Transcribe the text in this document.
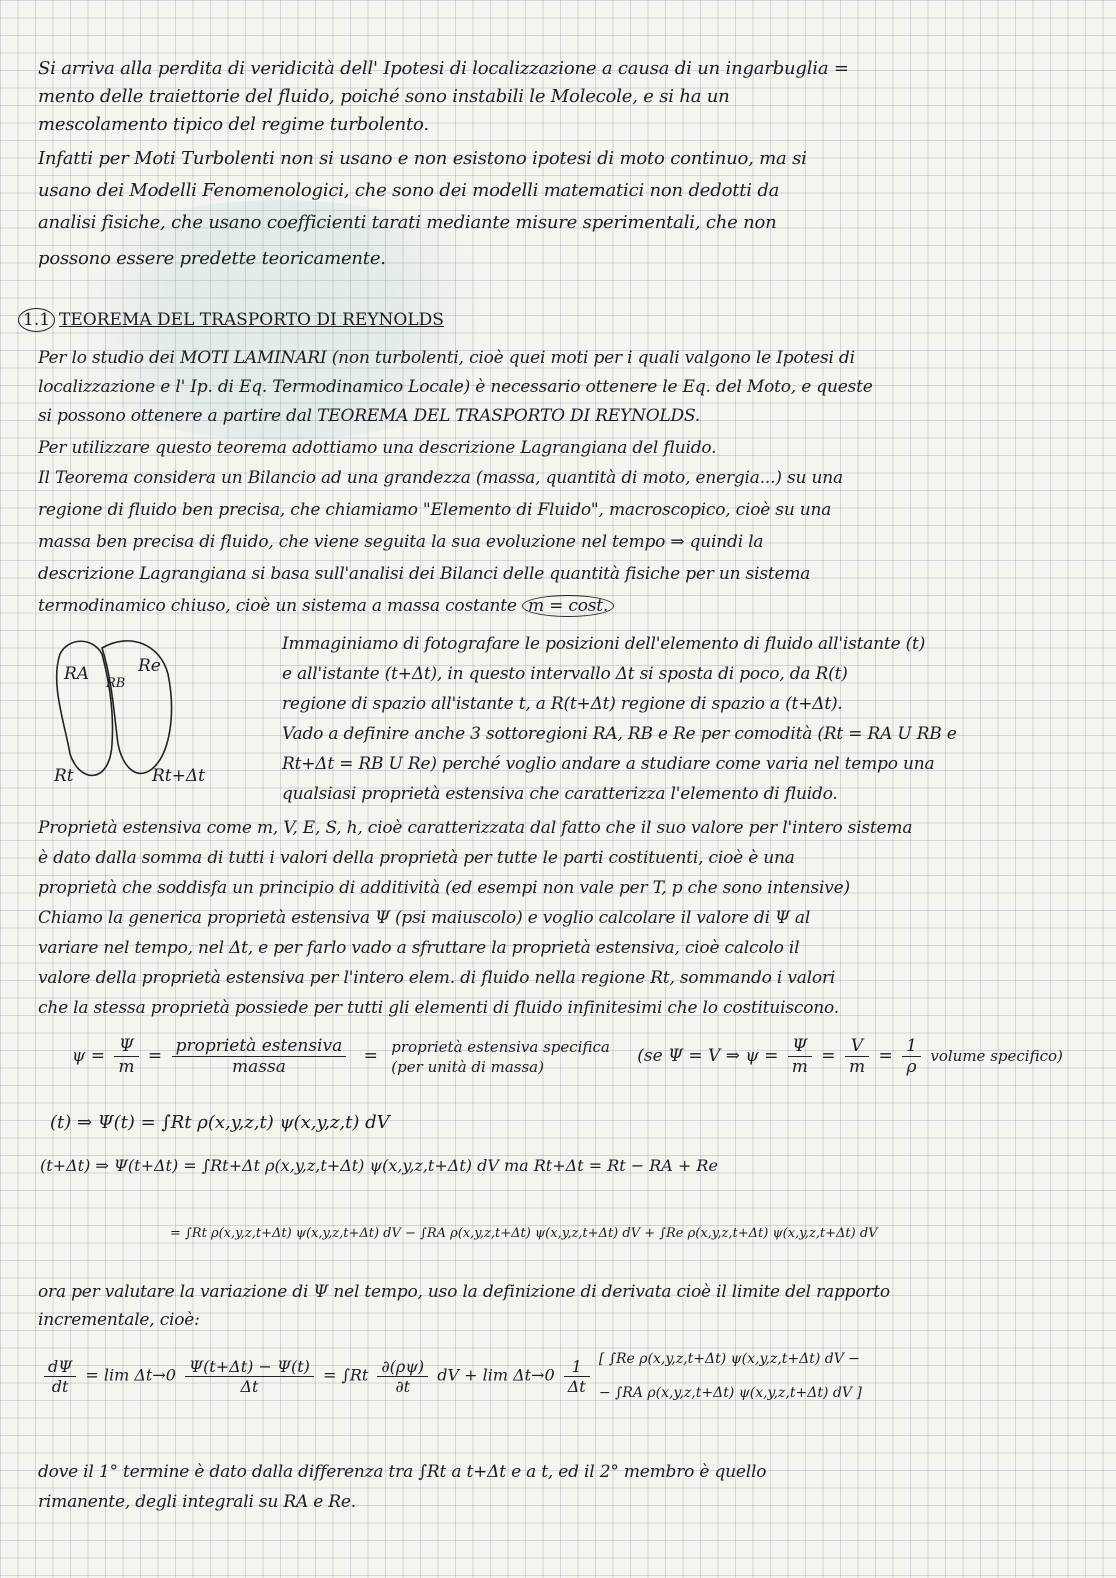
Si arriva alla perdita di veridicità dell' Ipotesi di localizzazione a causa di un ingarbuglia =
mento delle traiettorie del fluido, poiché sono instabili le Molecole, e si ha un
mescolamento tipico del regime turbolento.
Infatti per Moti Turbolenti non si usano e non esistono ipotesi di moto continuo, ma si
usano dei Modelli Fenomenologici, che sono dei modelli matematici non dedotti da
analisi fisiche, che usano coefficienti tarati mediante misure sperimentali, che non
possono essere predette teoricamente.
1.1 TEOREMA DEL TRASPORTO DI REYNOLDS
Per lo studio dei MOTI LAMINARI (non turbolenti, cioè quei moti per i quali valgono le Ipotesi di
localizzazione e l' Ip. di Eq. Termodinamico Locale) è necessario ottenere le Eq. del Moto, e queste
si possono ottenere a partire dal TEOREMA DEL TRASPORTO DI REYNOLDS.
Per utilizzare questo teorema adottiamo una descrizione Lagrangiana del fluido.
Il Teorema considera un Bilancio ad una grandezza (massa, quantità di moto, energia...) su una
regione di fluido ben precisa, che chiamiamo "Elemento di Fluido", macroscopico, cioè su una
massa ben precisa di fluido, che viene seguita la sua evoluzione nel tempo ⇒ quindi la
descrizione Lagrangiana si basa sull'analisi dei Bilanci delle quantità fisiche per un sistema
termodinamico chiuso, cioè un sistema a massa costante m = cost.
RA RB
Re
Rt	Rt+Δt
Immaginiamo di fotografare le posizioni dell'elemento di fluido all'istante (t)
e all'istante (t+Δt), in questo intervallo Δt si sposta di poco, da R(t)
regione di spazio all'istante t, a R(t+Δt) regione di spazio a (t+Δt).
Vado a definire anche 3 sottoregioni RA, RB e Re per comodità (Rt = RA U RB e
Rt+Δt = RB U Re) perché voglio andare a studiare come varia nel tempo una
qualsiasi proprietà estensiva che caratterizza l'elemento di fluido.
Proprietà estensiva come m, V, E, S, h, cioè caratterizzata dal fatto che il suo valore per l'intero sistema
è dato dalla somma di tutti i valori della proprietà per tutte le parti costituenti, cioè è una
proprietà che soddisfa un principio di additività (ed esempi non vale per T, p che sono intensive)
Chiamo la generica proprietà estensiva Ψ (psi maiuscolo) e voglio calcolare il valore di Ψ al
variare nel tempo, nel Δt, e per farlo vado a sfruttare la proprietà estensiva, cioè calcolo il
valore della proprietà estensiva per l'intero elem. di fluido nella regione Rt, sommando i valori
che la stessa proprietà possiede per tutti gli elementi di fluido infinitesimi che lo costituiscono.
$\psi = \frac{\Psi}{m} = \frac{\text{proprietà estensiva}}{\text{massa}}$ = proprietà estensiva specifica
(per unità di massa)
(se Ψ = V ⇒ $\psi = \frac{\Psi}{m} = \frac{V}{m} = \frac{1}{\rho}$ volume specifico)
(t) ⇒ Ψ(t) = ∫Rt ρ(x,y,z,t) ψ(x,y,z,t) dV
(t+Δt) ⇒ Ψ(t+Δt) = ∫Rt+Δt ρ(x,y,z,t+Δt) ψ(x,y,z,t+Δt) dV ma Rt+Δt = Rt − RA + Re
= ∫Rt ρ(x,y,z,t+Δt) ψ(x,y,z,t+Δt) dV − ∫RA ρ(x,y,z,t+Δt) ψ(x,y,z,t+Δt) dV + ∫Re ρ(x,y,z,t+Δt) ψ(x,y,z,t+Δt) dV
ora per valutare la variazione di Ψ nel tempo, uso la definizione di derivata cioè il limite del rapporto
incrementale, cioè:
$\frac{d\Psi}{dt} = \lim \Delta t\to 0 \frac{\Psi(t+\Delta t) - \Psi(t)}{\Delta t} = \int Rt \frac{\partial(\rho\psi)}{\partial t}$ dV + $\lim \Delta t\to 0 \frac{1}{\Delta t}$
[ ∫Re ρ(x,y,z,t+Δt) ψ(x,y,z,t+Δt) dV −
− ∫RA ρ(x,y,z,t+Δt) ψ(x,y,z,t+Δt) dV ]
dove il 1° termine è dato dalla differenza tra ∫Rt a t+Δt e a t, ed il 2° membro è quello
rimanente, degli integrali su RA e Re.
